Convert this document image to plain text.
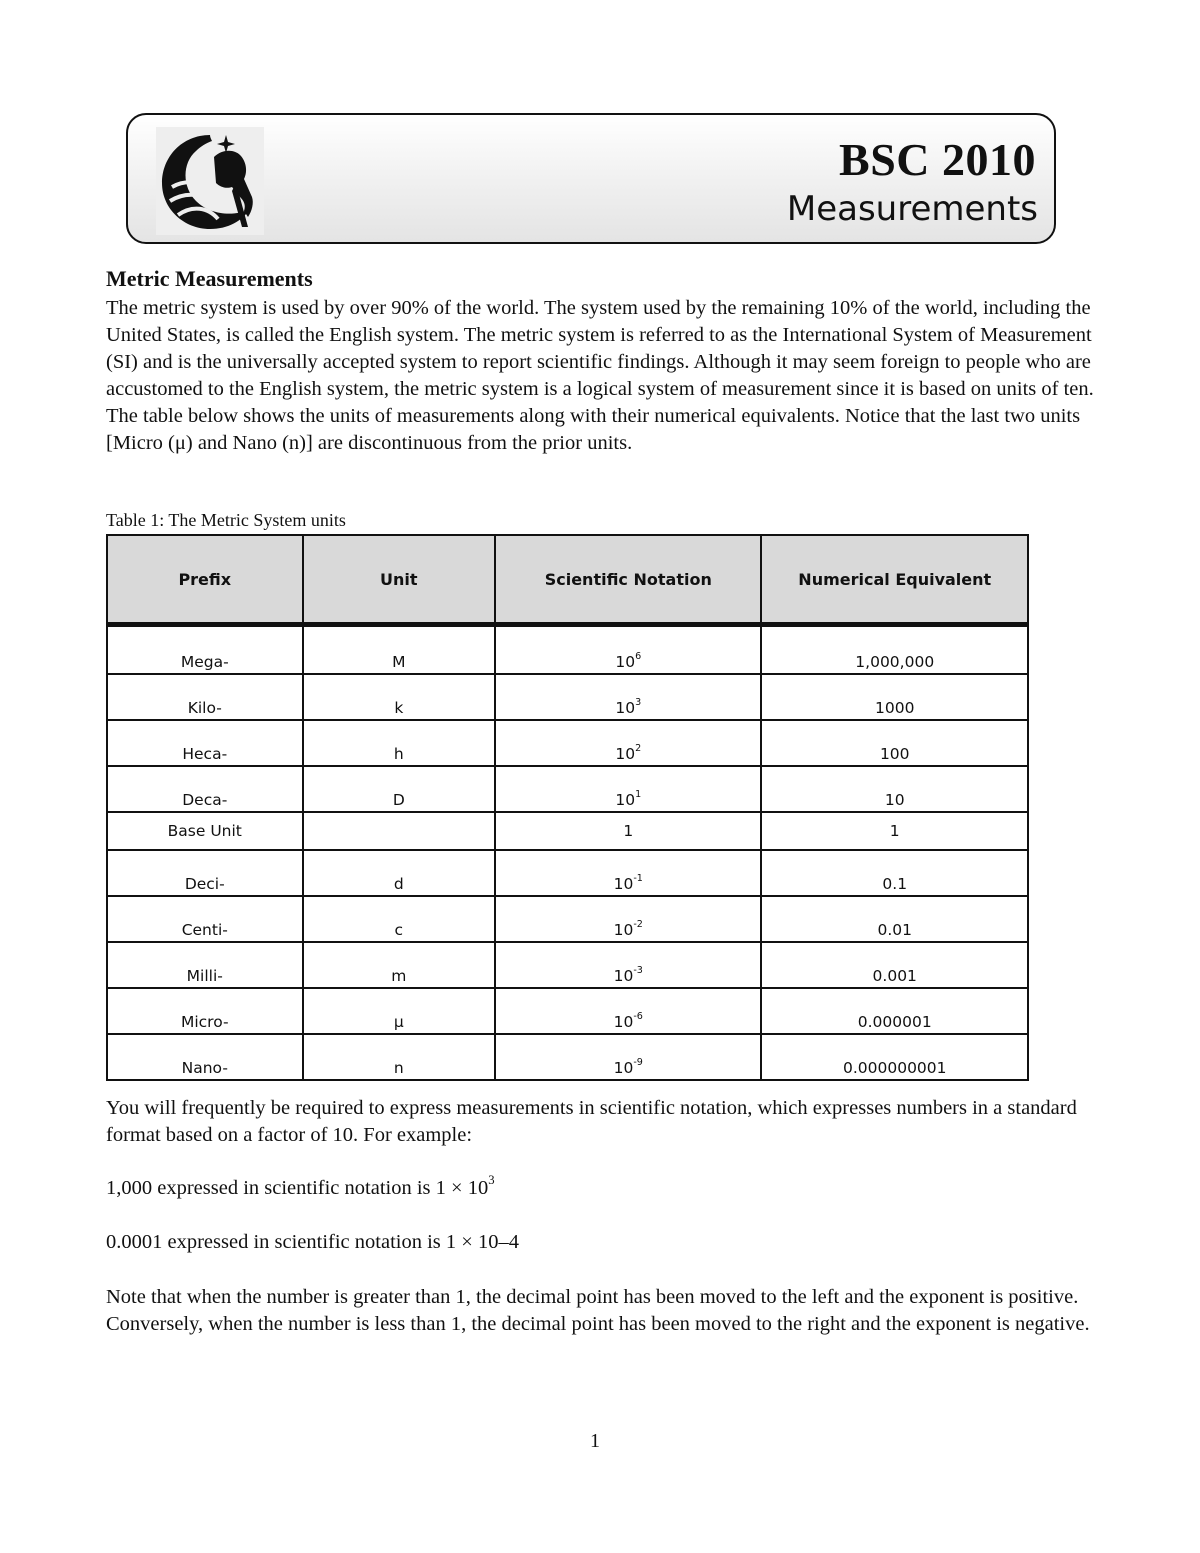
BSC 2010
Measurements
Metric Measurements

The metric system is used by over 90% of the world. The system used by the remaining 10% of the world, including the United States, is called the English system. The metric system is referred to as the International System of Measurement (SI) and is the universally accepted system to report scientific findings. Although it may seem foreign to people who are accustomed to the English system, the metric system is a logical system of measurement since it is based on units of ten. The table below shows the units of measurements along with their numerical equivalents. Notice that the last two units [Micro (μ) and Nano (n)] are discontinuous from the prior units.

Table 1: The Metric System units
Prefix	Unit	Scientific Notation	Numerical Equivalent
Mega-	M	$10^6$	1,000,000
Kilo-	k	$10^3$	1000
Heca-	h	$10^2$	100
Deca-	D	$10^1$	10
Base Unit		1	1
Deci-	d	$10^{-1}$	0.1
Centi-	c	$10^{-2}$	0.01
Milli-	m	$10^{-3}$	0.001
Micro-	μ	$10^{-6}$	0.000001
Nano-	n	$10^{-9}$	0.000000001

You will frequently be required to express measurements in scientific notation, which expresses numbers in a standard format based on a factor of 10. For example:

1,000 expressed in scientific notation is $1 \times 10^3$

0.0001 expressed in scientific notation is 1 × 10–4

Note that when the number is greater than 1, the decimal point has been moved to the left and the exponent is positive. Conversely, when the number is less than 1, the decimal point has been moved to the right and the exponent is negative.

1
